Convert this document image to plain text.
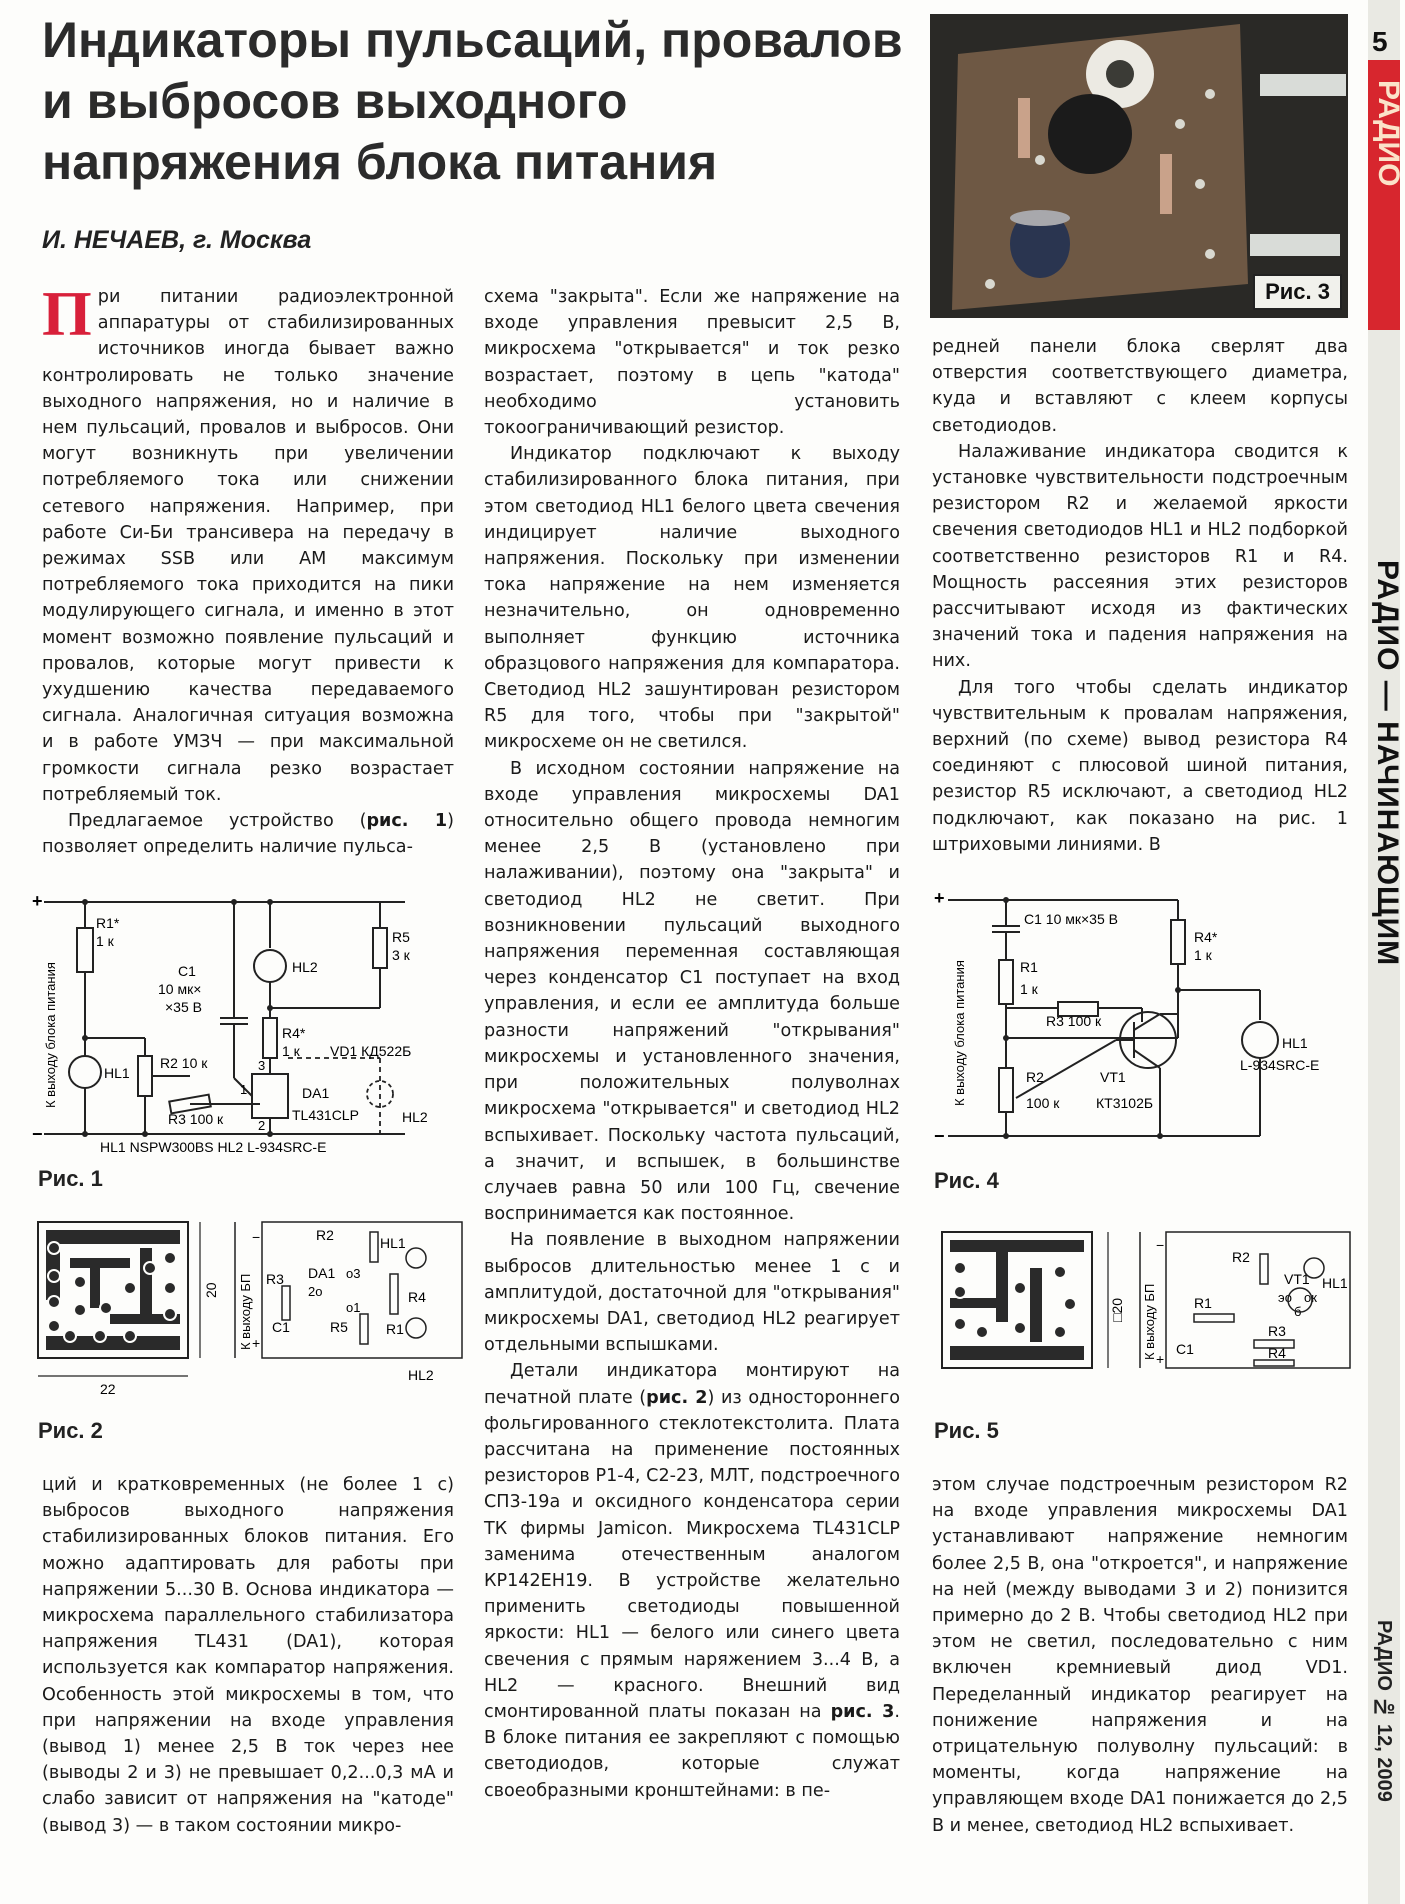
Индикаторы пульсаций, провалов и выбросов выходного напряжения блока питания
И. НЕЧАЕВ, г. Москва

При питании радиоэлектронной аппаратуры от стабилизированных источников иногда бывает важно контролировать не только значение выходного напряжения, но и наличие в нем пульсаций, провалов и выбросов. Они могут возникнуть при увеличении потребляемого тока или снижении сетевого напряжения. Например, при работе Си-Би трансивера на передачу в режимах SSB или AM максимум потребляемого тока приходится на пики модулирующего сигнала, и именно в этот момент возможно появление пульсаций и провалов, которые могут привести к ухудшению качества передаваемого сигнала. Аналогичная ситуация возможна и в работе УМЗЧ — при максимальной громкости сигнала резко возрастает потребляемый ток.

Предлагаемое устройство (рис. 1) позволяет определить наличие пульса-

+
−
К выходу блока питания
R1*
1 к
C1
10 мк×
×35 В
HL2
R5
3 к
R4*
1 к VD1 КД522Б
HL1
R2 10 к
R3 100 к
3
1
2
DA1
TL431CLP	HL2
HL1 NSPW300BS HL2 L-934SRC-E
Рис. 1
22
20 К выходу БП
R2	HL1
R3 DA1 o3
2o
o1
R4
R5	R1
C1
HL2
+
−
Рис. 2

ций и кратковременных (не более 1 с) выбросов выходного напряжения стабилизированных блоков питания. Его можно адаптировать для работы при напряжении 5...30 В. Основа индикатора — микросхема параллельного стабилизатора напряжения TL431 (DA1), которая используется как компаратор напряжения. Особенность этой микросхемы в том, что при напряжении на входе управления (вывод 1) менее 2,5 В ток через нее (выводы 2 и 3) не превышает 0,2...0,3 мА и слабо зависит от напряжения на "катоде" (вывод 3) — в таком состоянии микро-

схема "закрыта". Если же напряжение на входе управления превысит 2,5 В, микросхема "открывается" и ток резко возрастает, поэтому в цепь "катода" необходимо установить токоограничивающий резистор.

Индикатор подключают к выходу стабилизированного блока питания, при этом светодиод HL1 белого цвета свечения индицирует наличие выходного напряжения. Поскольку при изменении тока напряжение на нем изменяется незначительно, он одновременно выполняет функцию источника образцового напряжения для компаратора. Светодиод HL2 зашунтирован резистором R5 для того, чтобы при "закрытой" микросхеме он не светился.

В исходном состоянии напряжение на входе управления микросхемы DA1 относительно общего провода немногим менее 2,5 В (установлено при налаживании), поэтому она "закрыта" и светодиод HL2 не светит. При возникновении пульсаций выходного напряжения переменная составляющая через конденсатор C1 поступает на вход управления, и если ее амплитуда больше разности напряжений "открывания" микросхемы и установленного значения, при положительных полуволнах микросхема "открывается" и светодиод HL2 вспыхивает. Поскольку частота пульсаций, а значит, и вспышек, в большинстве случаев равна 50 или 100 Гц, свечение воспринимается как постоянное.

На появление в выходном напряжении выбросов длительностью менее 1 с и амплитудой, достаточной для "открывания" микросхемы DA1, светодиод HL2 реагирует отдельными вспышками.

Детали индикатора монтируют на печатной плате (рис. 2) из одностороннего фольгированного стеклотекстолита. Плата рассчитана на применение постоянных резисторов Р1-4, С2-23, МЛТ, подстроечного СП3-19а и оксидного конденсатора серии ТК фирмы Jamicon. Микросхема TL431CLP заменима отечественным аналогом КР142ЕН19. В устройстве желательно применить светодиоды повышенной яркости: HL1 — белого или синего цвета свечения с прямым наряжением 3...4 В, а HL2 — красного. Внешний вид смонтированной платы показан на рис. 3. В блоке питания ее закрепляют с помощью светодиодов, которые служат своеобразными кронштейнами: в пе-

Рис. 3

редней панели блока сверлят два отверстия соответствующего диаметра, куда и вставляют с клеем корпусы светодиодов.

Налаживание индикатора сводится к установке чувствительности подстроечным резистором R2 и желаемой яркости свечения светодиодов HL1 и HL2 подборкой соответственно резисторов R1 и R4. Мощность рассеяния этих резисторов рассчитывают исходя из фактических значений тока и падения напряжения на них.

Для того чтобы сделать индикатор чувствительным к провалам напряжения, верхний (по схеме) вывод резистора R4 соединяют с плюсовой шиной питания, резистор R5 исключают, а светодиод HL2 подключают, как показано на рис. 1 штриховыми линиями. В

+
−
К выходу блока питания
C1 10 мк×35 В
R4*
1 к
R1
1 к
R3 100 к
R2
100 к
VT1
КТ3102Б
HL1
L-934SRC-E
Рис. 4
□20 К выходу БП
R2
VT1
эо ок
б
HL1
R1
R3
R4
C1
+
−
Рис. 5

этом случае подстроечным резистором R2 на входе управления микросхемы DA1 устанавливают напряжение немногим более 2,5 В, она "откроется", и напряжение на ней (между выводами 3 и 2) понизится примерно до 2 В. Чтобы светодиод HL2 при этом не светил, последовательно с ним включен кремниевый диод VD1. Переделанный индикатор реагирует на понижение напряжения и на отрицательную полуволну пульсаций: в моменты, когда напряжение на управляющем входе DA1 понижается до 2,5 В и менее, светодиод HL2 вспыхивает.

РАДИО
РАДИО — НАЧИНАЮЩИМ
РАДИО № 12, 2009
5
